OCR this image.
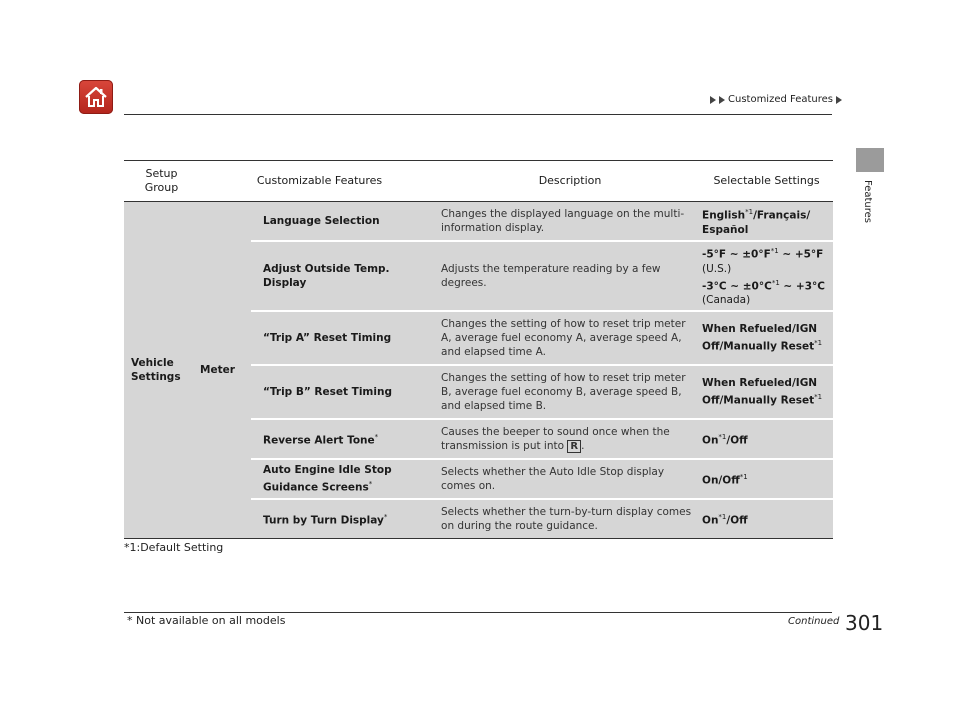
Customized Features
Features
Setup
Group	Customizable Features		Description	Selectable Settings
Vehicle
Settings	Meter	Language Selection	Changes the displayed language on the multi-information display.	English$^{*1}$/Français/
Español
		Adjust Outside Temp. Display	Adjusts the temperature reading by a few degrees.	-5°F ~ $\pm 0^\circ F^{*1}$ ~ +5°F
(U.S.)
-3°C ~ $\pm 0^\circ C^{*1}$ ~ +3°C
(Canada)
		“Trip A” Reset Timing	Changes the setting of how to reset trip meter A, average fuel economy A, average speed A, and elapsed time A.	When Refueled/IGN Off/Manually Reset$^{*1}$
		“Trip B” Reset Timing	Changes the setting of how to reset trip meter B, average fuel economy B, average speed B, and elapsed time B.	When Refueled/IGN Off/Manually Reset$^{*1}$
		Reverse Alert Tone*	Causes the beeper to sound once when the transmission is put into R .	On$^{*1}$/Off
		Auto Engine Idle Stop Guidance Screens*	Selects whether the Auto Idle Stop display comes on.	On/Off$^{*1}$
		Turn by Turn Display*	Selects whether the turn-by-turn display comes on during the route guidance.	On$^{*1}$/Off
*1:Default Setting
* Not available on all models	Continued 301
